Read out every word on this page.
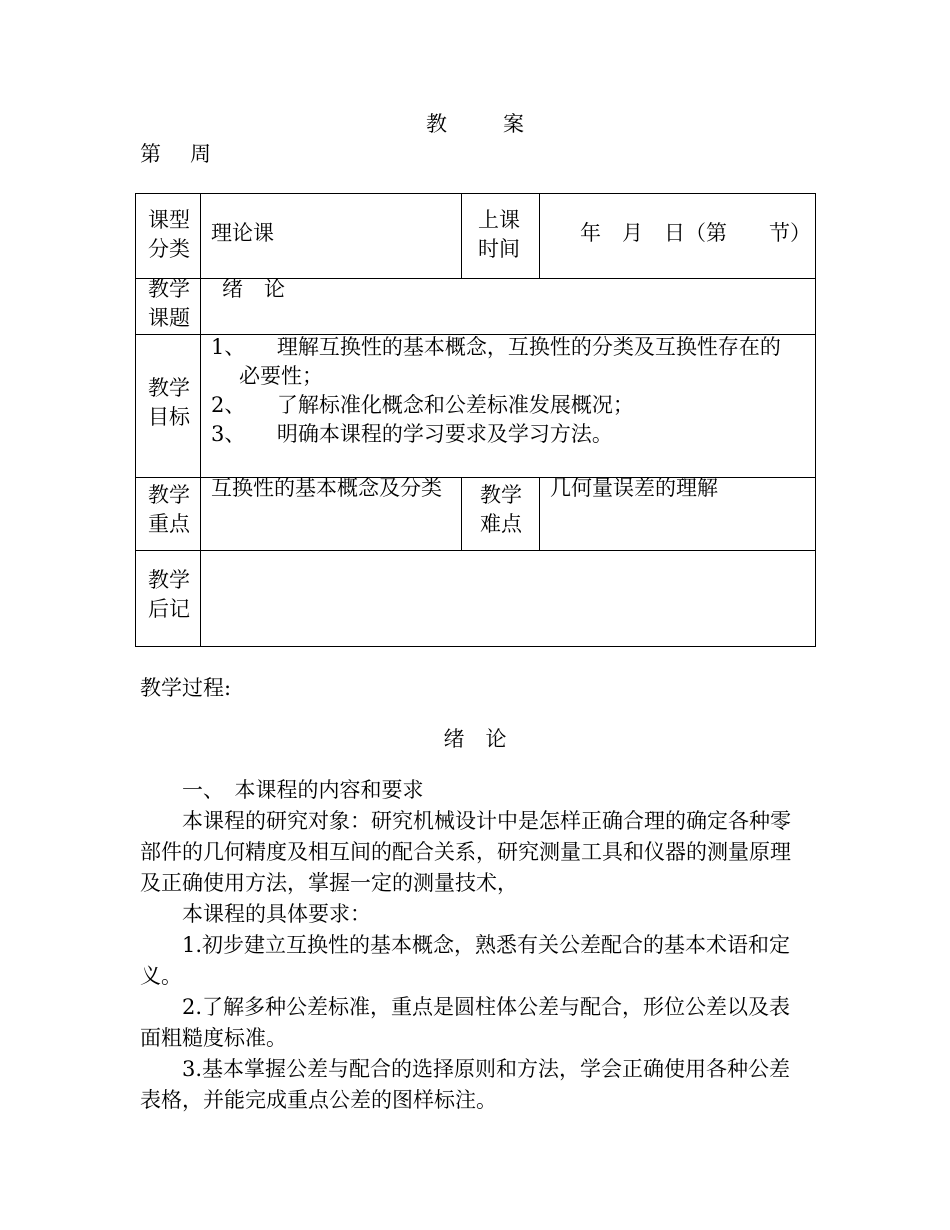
教案
第周
课型
分类
理论课
上课
时间
年　月　日（第　　节）
教学
课题
绪　论
教学
目标
1、　　理解互换性的基本概念，互换性的分类及互换性存在的
必要性；
2、　　了解标准化概念和公差标准发展概况；
3、　　明确本课程的学习要求及学习方法。
教学
重点
互换性的基本概念及分类 教学
难点
几何量误差的理解
教学
后记
教学过程:
绪　论
一、　本课程的内容和要求
本课程的研究对象：研究机械设计中是怎样正确合理的确定各种零
部件的几何精度及相互间的配合关系，研究测量工具和仪器的测量原理
及正确使用方法，掌握一定的测量技术，
本课程的具体要求：
1.初步建立互换性的基本概念，熟悉有关公差配合的基本术语和定
义。
2.了解多种公差标准，重点是圆柱体公差与配合，形位公差以及表
面粗糙度标准。
3.基本掌握公差与配合的选择原则和方法，学会正确使用各种公差
表格，并能完成重点公差的图样标注。
